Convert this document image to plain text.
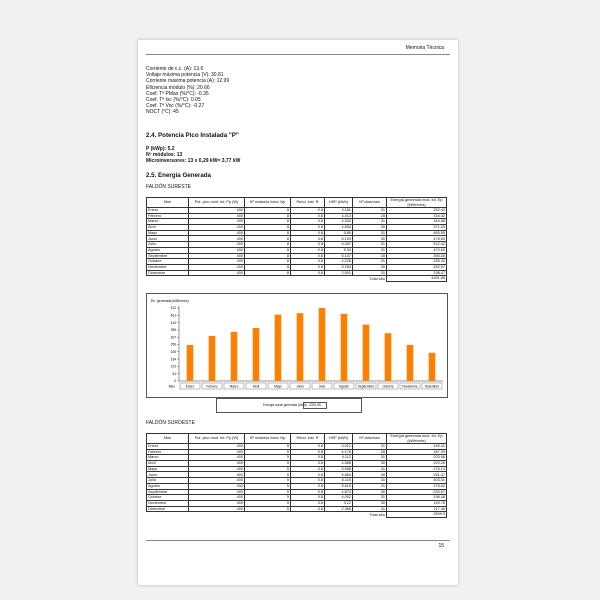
Memoria Técnica
Corriente de c.c. (A): 13.6
Voltaje máxima potencia (V): 30.81
Corriente máxima potencia (A): 12.99
Eficiencia módulo (%): 20.66
Coef. Tª PMax (%/°C): -0.35
Coef. Tª Isc (%/°C): 0.05
Coef. Tª Voc (%/°C): -0.27
NOCT (°C): 45
2.4. Potencia Pico Instalada "P"
P (kWp): 5.2
Nº módulos: 13
Microinversores: 13 x 0,29 kW= 3,77 kW
2.5. Energía Generada
FALDÓN SURESTE
Mes	Pot. pico mód. fot. Pp (W)	Nº módulos fotov. Np	Rend. inst. R	HSP (kWh)	Nº días/mes	Energía generada mod. fot. Ep (kWh/mes)
Enero	400	8	0.8	3.181	31	252.42
Febrero	400	8	0.8	4.413	28	316.32
Marzo	400	8	0.8	4.342	31	344.58
Abril	400	8	0.8	4.834	30	371.25
Mayo	400	8	0.8	5.85	31	465.55
Junio	400	8	0.8	6.193	30	475.63
Julio	400	8	0.8	6.457	31	512.42
Agosto	400	8	0.8	5.93	31	470.63
Septiembre	400	8	0.8	5.147	30	395.28
Octubre	400	8	0.8	4.226	31	335.32
Noviembre	400	8	0.8	3.294	30	252.97
Diciembre	400	8	0.8	2.501	31	198.47
					Total año	4391.85
En. generada (kWh/mes)
0
51
102
154
205
256
307
359
410
461
512
Enero	Febrero	Marzo	Abril	Mayo	Junio	Julio	Agosto	Septiembre	Octubre	Noviembre Diciembre
Mes
Energía anual generada (kWh): 4391.85
FALDÓN SUROESTE
Mes	Pot. pico mód. fot. Pp (W)	Nº módulos fotov. Np	Rend. inst. R	HSP (kWh)	Nº días/mes	Energía generada mod. fot. Ep (kWh/mes)
Enero	400	5	0.8	3.012	31	149.41
Febrero	400	5	0.8	4.176	28	187.09
Marzo	400	5	0.8	4.112	31	203.96
Abril	400	5	0.8	4.588	30	220.26
Mayo	400	5	0.8	5.568	31	276.14
Junio	400	5	0.8	5.864	30	281.47
Julio	400	5	0.8	6.115	31	303.31
Agosto	400	5	0.8	5.615	31	278.52
Septiembre	400	5	0.8	4.874	30	233.97
Octubre	400	5	0.8	4.002	31	198.48
Noviembre	400	5	0.8	3.12	30	149.76
Diciembre	400	5	0.8	2.368	31	117.46
					Total año	2599.9
15
